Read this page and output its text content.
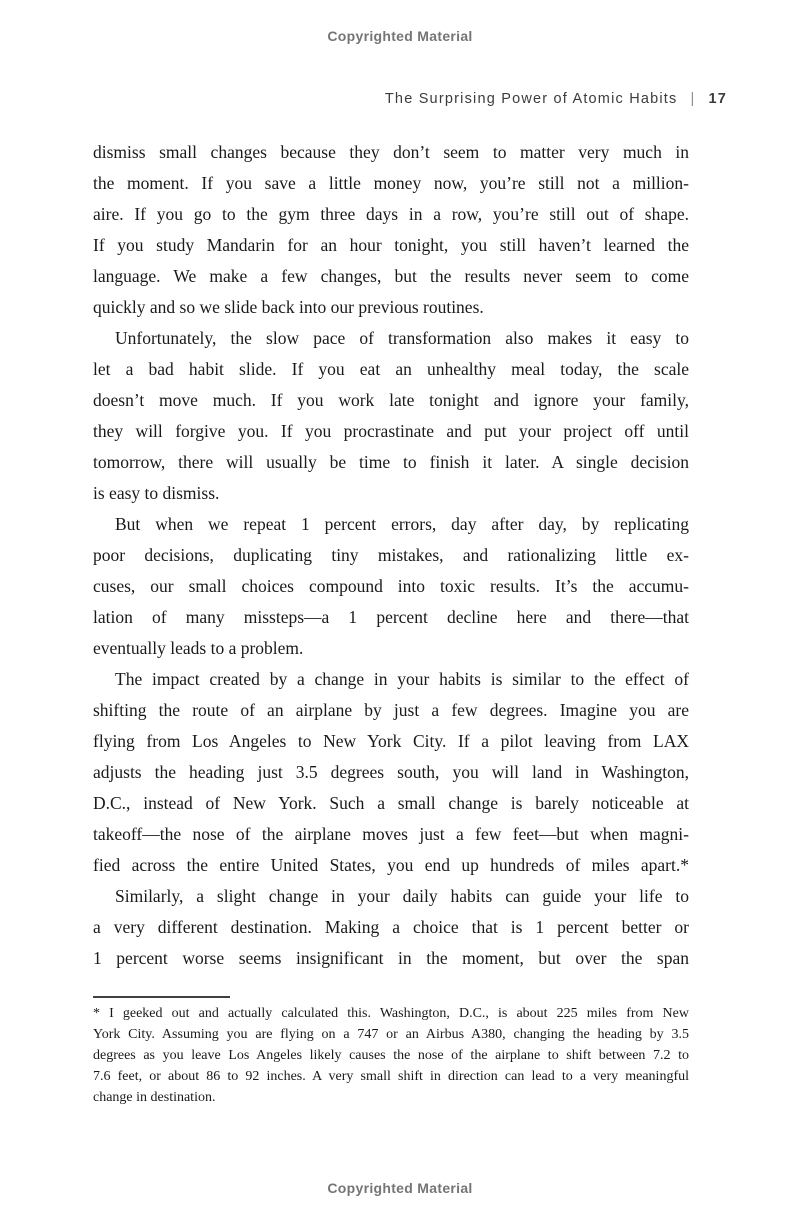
Copyrighted Material
The Surprising Power of Atomic Habits | 17
dismiss small changes because they don’t seem to matter very much in
the moment. If you save a little money now, you’re still not a million-
aire. If you go to the gym three days in a row, you’re still out of shape.
If you study Mandarin for an hour tonight, you still haven’t learned the
language. We make a few changes, but the results never seem to come
quickly and so we slide back into our previous routines.
Unfortunately, the slow pace of transformation also makes it easy to
let a bad habit slide. If you eat an unhealthy meal today, the scale
doesn’t move much. If you work late tonight and ignore your family,
they will forgive you. If you procrastinate and put your project off until
tomorrow, there will usually be time to finish it later. A single decision
is easy to dismiss.
But when we repeat 1 percent errors, day after day, by replicating
poor decisions, duplicating tiny mistakes, and rationalizing little ex-
cuses, our small choices compound into toxic results. It’s the accumu-
lation of many missteps—a 1 percent decline here and there—that
eventually leads to a problem.
The impact created by a change in your habits is similar to the effect of
shifting the route of an airplane by just a few degrees. Imagine you are
flying from Los Angeles to New York City. If a pilot leaving from LAX
adjusts the heading just 3.5 degrees south, you will land in Washington,
D.C., instead of New York. Such a small change is barely noticeable at
takeoff—the nose of the airplane moves just a few feet—but when magni-
fied across the entire United States, you end up hundreds of miles apart.*
Similarly, a slight change in your daily habits can guide your life to
a very different destination. Making a choice that is 1 percent better or
1 percent worse seems insignificant in the moment, but over the span
* I geeked out and actually calculated this. Washington, D.C., is about 225 miles from New
York City. Assuming you are flying on a 747 or an Airbus A380, changing the heading by 3.5
degrees as you leave Los Angeles likely causes the nose of the airplane to shift between 7.2 to
7.6 feet, or about 86 to 92 inches. A very small shift in direction can lead to a very meaningful
change in destination.
Copyrighted Material
